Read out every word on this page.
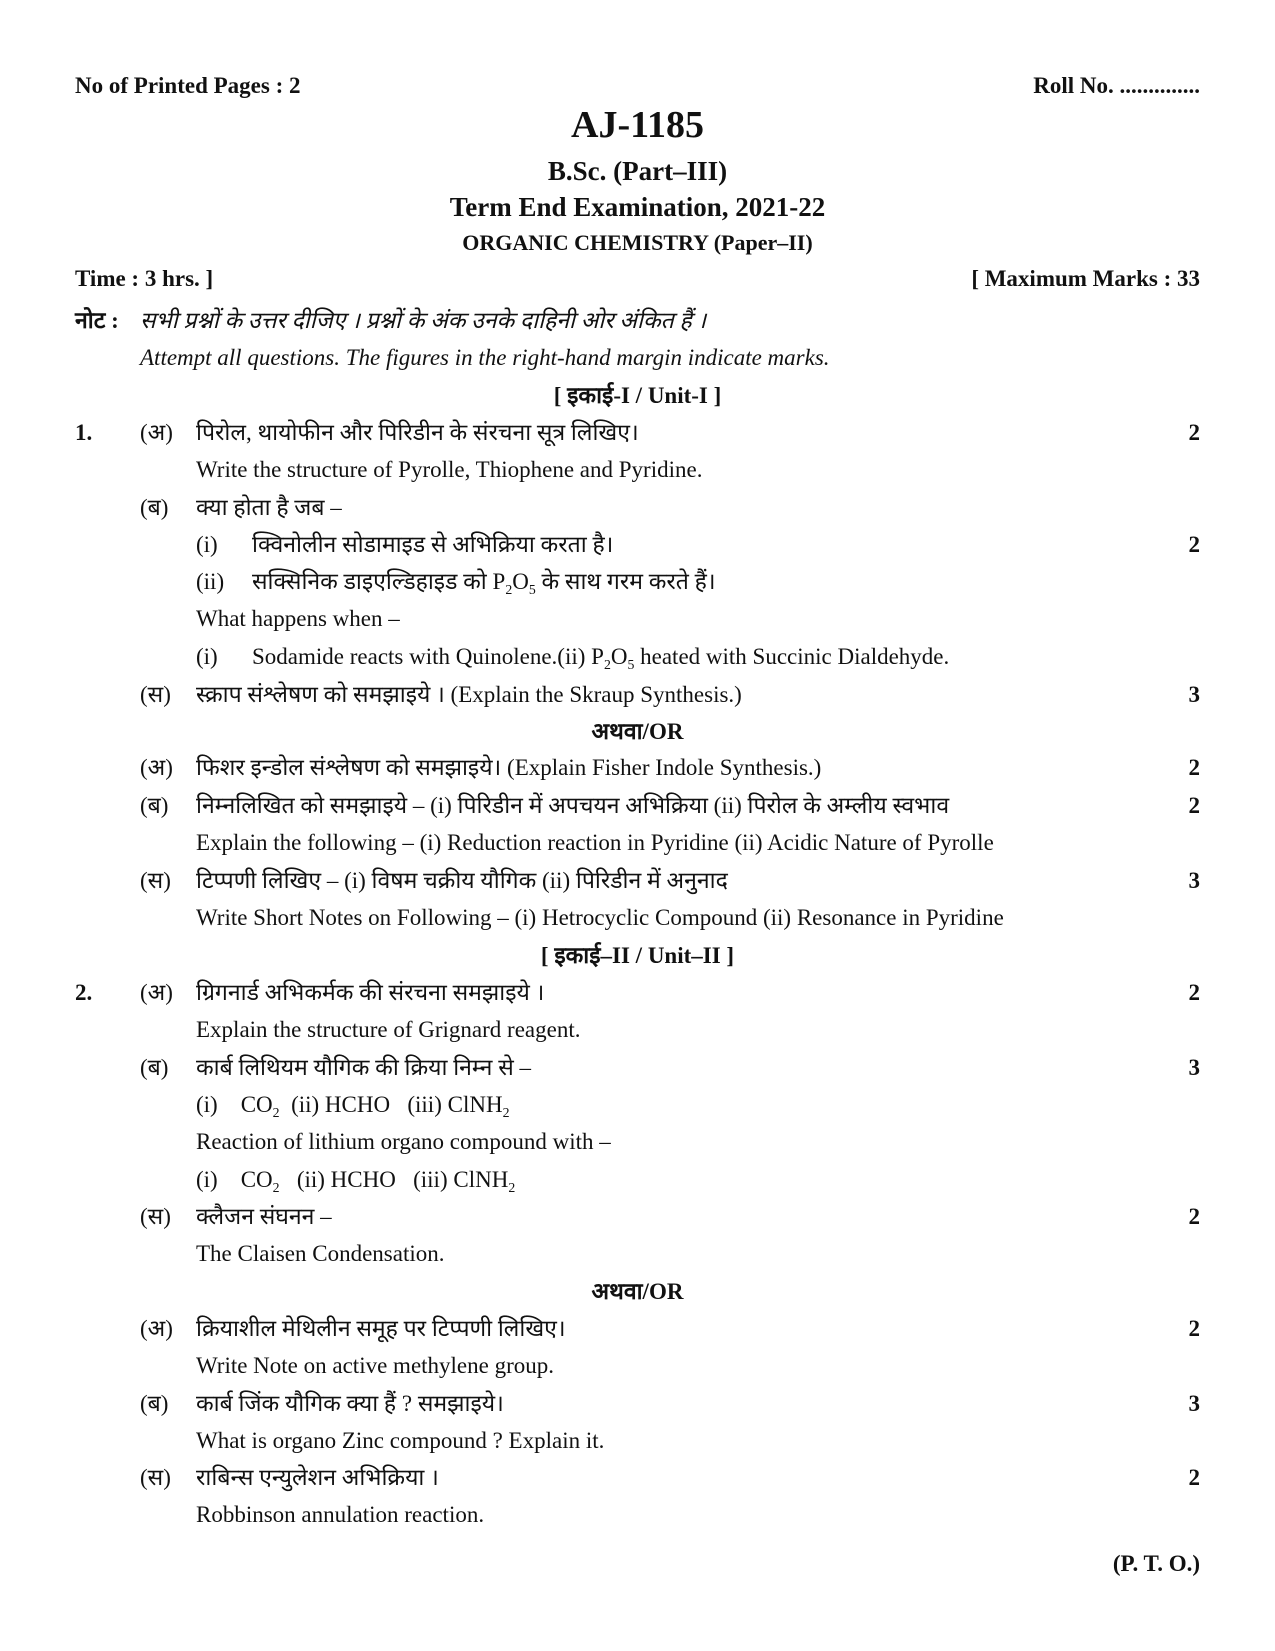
No of Printed Pages : 2	Roll No. ..............
AJ-1185
B.Sc. (Part–III)
Term End Examination, 2021-22
ORGANIC CHEMISTRY (Paper–II)
Time : 3 hrs. ]	[ Maximum Marks : 33
नोट : सभी प्रश्नों के उत्तर दीजिए । प्रश्नों के अंक उनके दाहिनी ओर अंकित हैं ।
Attempt all questions. The figures in the right-hand margin indicate marks.
[ इकाई-I / Unit-I ]
1. (अ) पिरोल, थायोफीन और पिरिडीन के संरचना सूत्र लिखिए।	2
Write the structure of Pyrolle, Thiophene and Pyridine.
(ब) क्या होता है जब –
(i) क्विनोलीन सोडामाइड से अभिक्रिया करता है।	2
(ii) सक्सिनिक डाइएल्डिहाइड को $P_2O_5$ के साथ गरम करते हैं।
What happens when –
(i) Sodamide reacts with Quinolene.(ii) $P_2O_5$ heated with Succinic Dialdehyde.
(स) स्क्राप संश्लेषण को समझाइये । (Explain the Skraup Synthesis.)	3
अथवा/OR
(अ) फिशर इन्डोल संश्लेषण को समझाइये। (Explain Fisher Indole Synthesis.)	2
(ब) निम्नलिखित को समझाइये – (i) पिरिडीन में अपचयन अभिक्रिया (ii) पिरोल के अम्लीय स्वभाव	2
Explain the following – (i) Reduction reaction in Pyridine (ii) Acidic Nature of Pyrolle
(स) टिप्पणी लिखिए – (i) विषम चक्रीय यौगिक (ii) पिरिडीन में अनुनाद	3
Write Short Notes on Following – (i) Hetrocyclic Compound (ii) Resonance in Pyridine
[ इकाई–II / Unit–II ]
2. (अ) ग्रिगनार्ड अभिकर्मक की संरचना समझाइये ।	2
Explain the structure of Grignard reagent.
(ब) कार्ब लिथियम यौगिक की क्रिया निम्न से –	3
(i) $CO_2$ (ii) HCHO (iii) ClNH$_2$
Reaction of lithium organo compound with –
(i) $CO_2$ (ii) HCHO (iii) ClNH$_2$
(स) क्लैजन संघनन –	2
The Claisen Condensation.
अथवा/OR
(अ) क्रियाशील मेथिलीन समूह पर टिप्पणी लिखिए।	2
Write Note on active methylene group.
(ब) कार्ब जिंक यौगिक क्या हैं ? समझाइये।	3
What is organo Zinc compound ? Explain it.
(स) राबिन्स एन्युलेशन अभिक्रिया ।	2
Robbinson annulation reaction.
(P. T. O.)
